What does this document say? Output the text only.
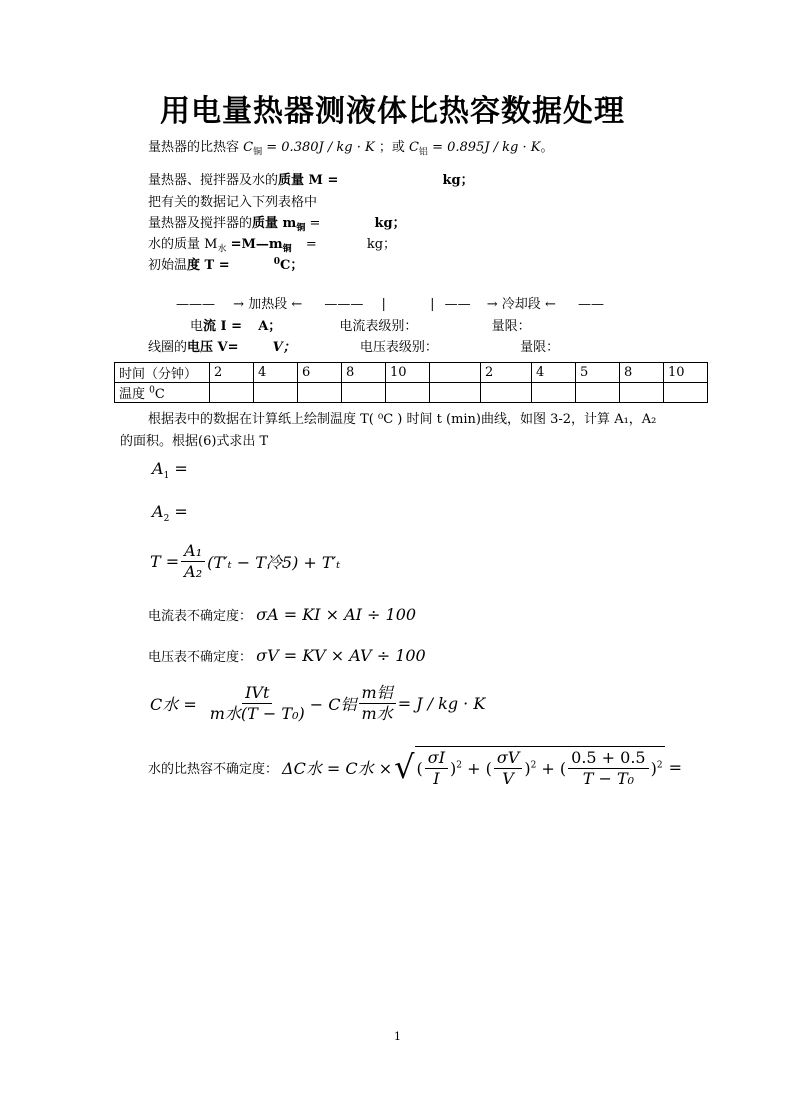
用电量热器测液体比热容数据处理
量热器的比热容 $C_铜 = 0.380J$ / kg · K ；或 $C_铝 = 0.895J$ / kg · K。
量热器、搅拌器及水的质量 M =	kg；
把有关的数据记入下列表格中
量热器及搅拌器的质量 $m_铜$ =	kg；
水的质量 $M_水$ $=M—m_铜$ =	kg；
初始温度 T =	$^0$C；
——— → 加热段 ← ——— |	| —— → 冷却段 ← ——
电流 I = A；	电流表级别：	量限：
线圈的电压 V=	V；	电压表级别：	量限：
时间（分钟）	2	4	6	8	10		2	4	5	8	10
温度 $^0$C											
根据表中的数据在计算纸上绘制温度 T( ⁰C ) 时间 t (min)曲线，如图 3-2，计算 A₁，A₂
的面积。根据(6)式求出 T
$A_1$ =
$A_2$ =
$T = \frac{\text{A₁}}{\text{A₂}} (T'_t - T$冷5) + T′ₜ
电流表不确定度： σA = KI × AI ÷ 100
电压表不确定度： σV = KV × AV ÷ 100
C水 = $\frac{\text{IVt}}{\text{m水(T − T₀)}} - C$铝 $\frac{\text{m铝}}{\text{m水}} = J$ / kg · K
水的比热容不确定度： ΔC水 = C水 × √ ( $\frac{\sigma I}{I} )^2$ + ( $\frac{\sigma V}{V} )^2$ + ( $\frac{0.5 + 0.5}{\text{T − T₀}} )^2$ =
1
